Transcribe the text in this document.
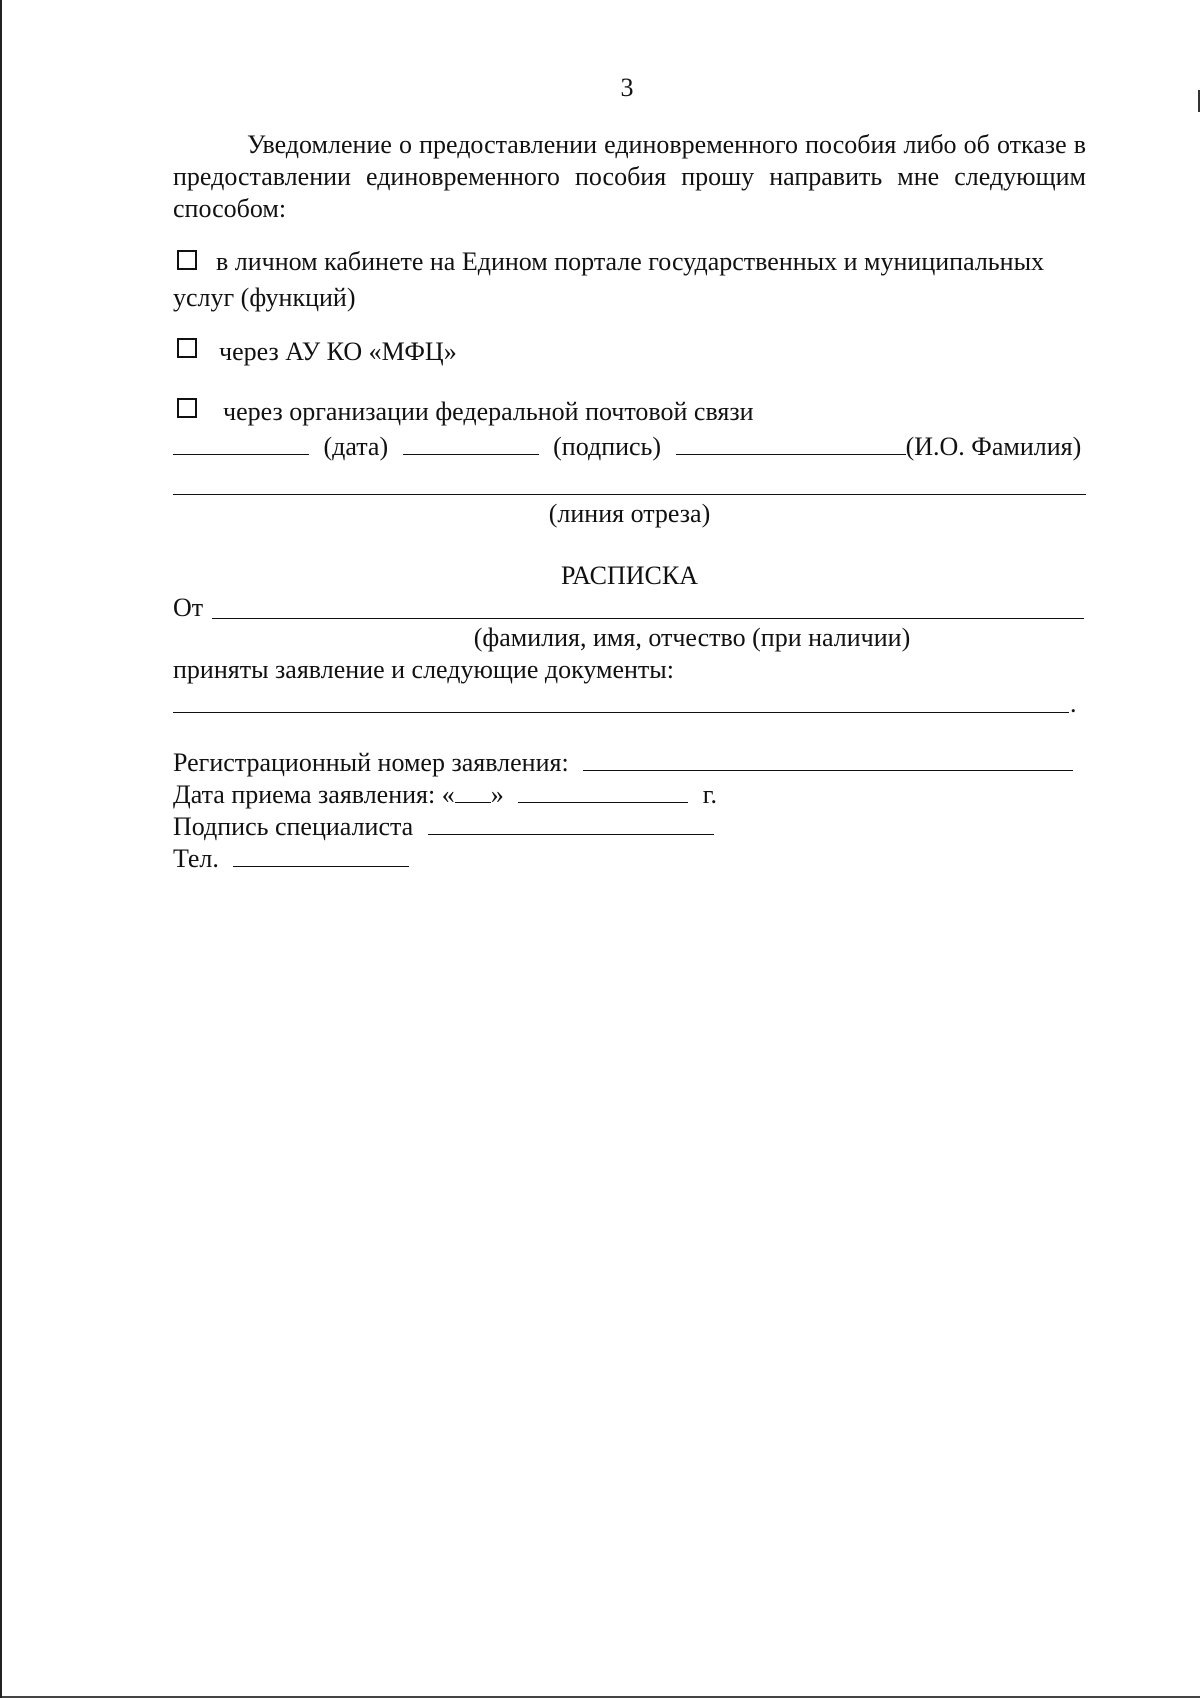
3

Уведомление о предоставлении единовременного пособия либо об отказе в предоставлении единовременного пособия прошу направить мне следующим способом:

в личном кабинете на Едином портале государственных и муниципальных
услуг (функций)
через АУ КО «МФЦ»
через организации федеральной почтовой связи
(дата)	(подпись)	(И.О. Фамилия)
(линия отреза)
РАСПИСКА
От
(фамилия, имя, отчество (при наличии)
приняты заявление и следующие документы:
.
Регистрационный номер заявления:
Дата приема заявления: « »	г.
Подпись специалиста
Тел.
